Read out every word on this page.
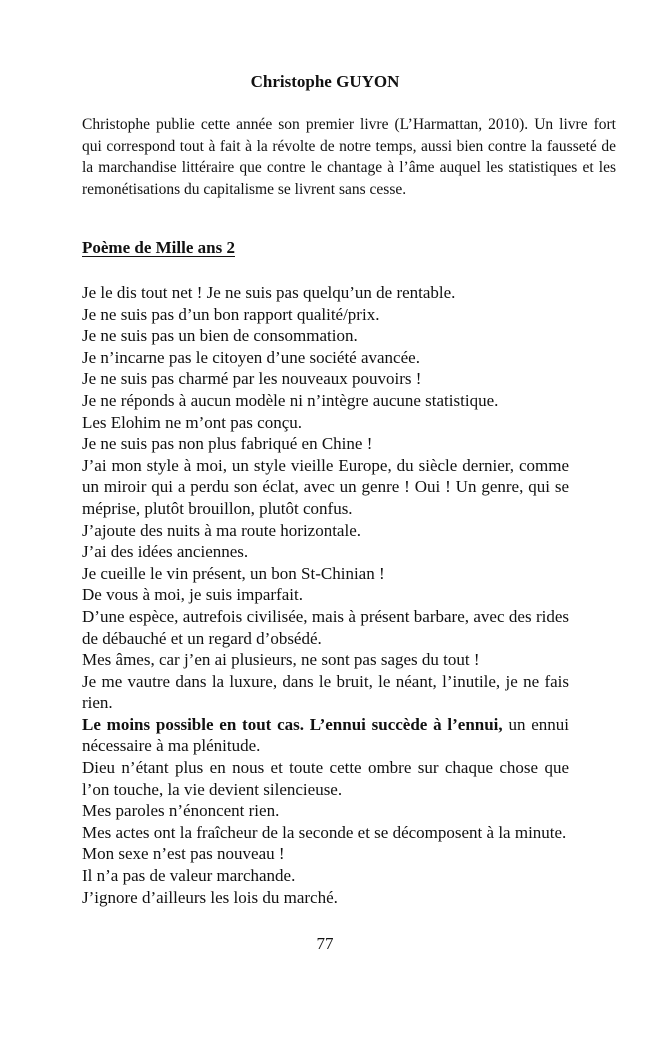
Christophe GUYON

Christophe publie cette année son premier livre (L’Harmattan, 2010). Un livre fort qui correspond tout à fait à la révolte de notre temps, aussi bien contre la fausseté de la marchandise littéraire que contre le chantage à l’âme auquel les statistiques et les remonétisations du capitalisme se livrent sans cesse.

Poème de Mille ans 2

Je le dis tout net ! Je ne suis pas quelqu’un de rentable.

Je ne suis pas d’un bon rapport qualité/prix.

Je ne suis pas un bien de consommation.

Je n’incarne pas le citoyen d’une société avancée.

Je ne suis pas charmé par les nouveaux pouvoirs !

Je ne réponds à aucun modèle ni n’intègre aucune statistique.

Les Elohim ne m’ont pas conçu.

Je ne suis pas non plus fabriqué en Chine !

J’ai mon style à moi, un style vieille Europe, du siècle dernier, comme un miroir qui a perdu son éclat, avec un genre ! Oui ! Un genre, qui se méprise, plutôt brouillon, plutôt confus.

J’ajoute des nuits à ma route horizontale.

J’ai des idées anciennes.

Je cueille le vin présent, un bon St-Chinian !

De vous à moi, je suis imparfait.

D’une espèce, autrefois civilisée, mais à présent barbare, avec des rides de débauché et un regard d’obsédé.

Mes âmes, car j’en ai plusieurs, ne sont pas sages du tout !

Je me vautre dans la luxure, dans le bruit, le néant, l’inutile, je ne fais rien.

Le moins possible en tout cas. L’ennui succède à l’ennui, un ennui nécessaire à ma plénitude.

Dieu n’étant plus en nous et toute cette ombre sur chaque chose que l’on touche, la vie devient silencieuse.

Mes paroles n’énoncent rien.

Mes actes ont la fraîcheur de la seconde et se décomposent à la minute.

Mon sexe n’est pas nouveau !

Il n’a pas de valeur marchande.

J’ignore d’ailleurs les lois du marché.

77
